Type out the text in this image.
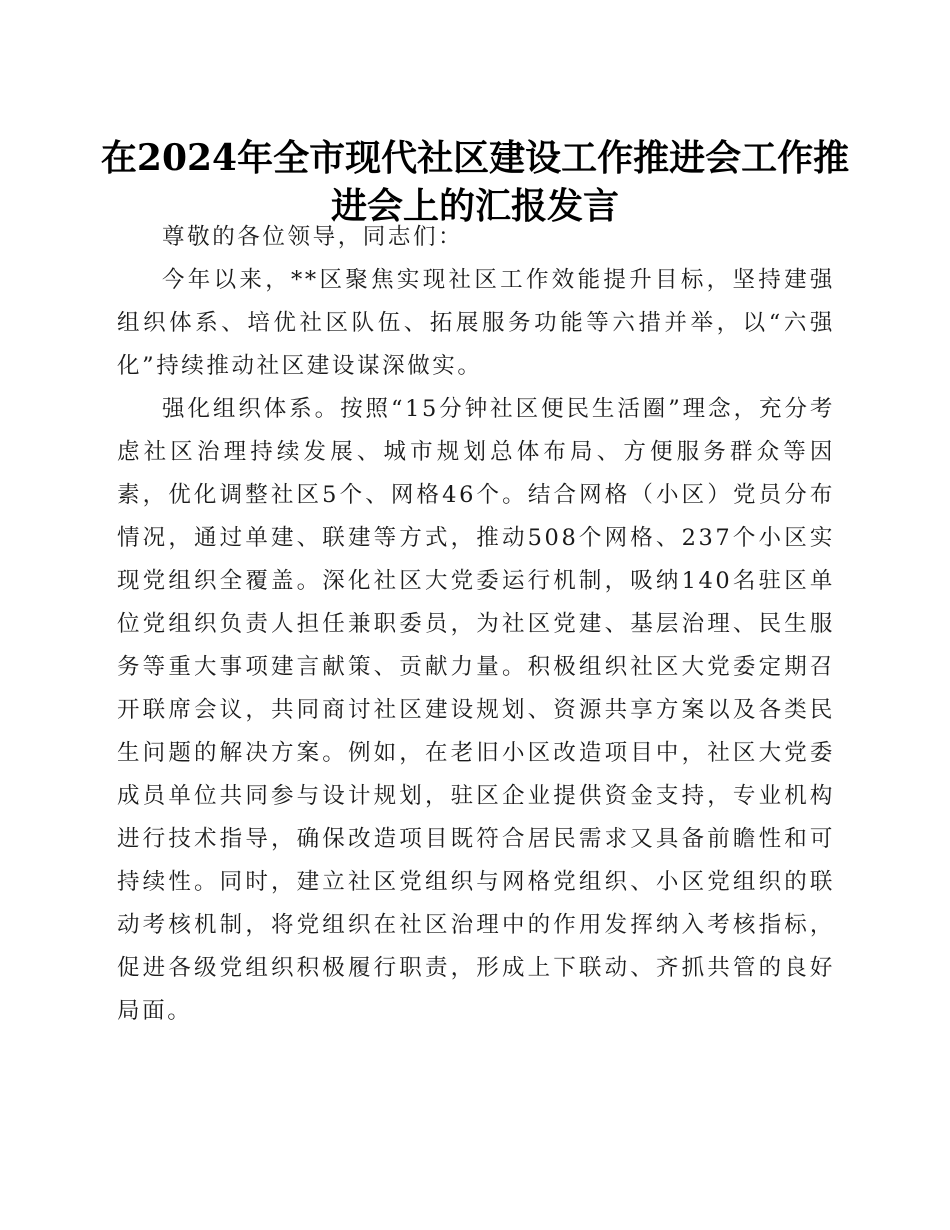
在2024年全市现代社区建设工作推进会工作推进会上的汇报发言

尊敬的各位领导，同志们：

今年以来，**区聚焦实现社区工作效能提升目标，坚持建强组织体系、培优社区队伍、拓展服务功能等六措并举，以“六强化”持续推动社区建设谋深做实。

强化组织体系。按照“15分钟社区便民生活圈”理念，充分考虑社区治理持续发展、城市规划总体布局、方便服务群众等因素，优化调整社区5个、网格46个。结合网格（小区）党员分布情况，通过单建、联建等方式，推动508个网格、237个小区实现党组织全覆盖。深化社区大党委运行机制，吸纳140名驻区单位党组织负责人担任兼职委员，为社区党建、基层治理、民生服务等重大事项建言献策、贡献力量。积极组织社区大党委定期召开联席会议，共同商讨社区建设规划、资源共享方案以及各类民生问题的解决方案。例如，在老旧小区改造项目中，社区大党委成员单位共同参与设计规划，驻区企业提供资金支持，专业机构进行技术指导，确保改造项目既符合居民需求又具备前瞻性和可持续性。同时，建立社区党组织与网格党组织、小区党组织的联动考核机制，将党组织在社区治理中的作用发挥纳入考核指标，促进各级党组织积极履行职责，形成上下联动、齐抓共管的良好局面。
